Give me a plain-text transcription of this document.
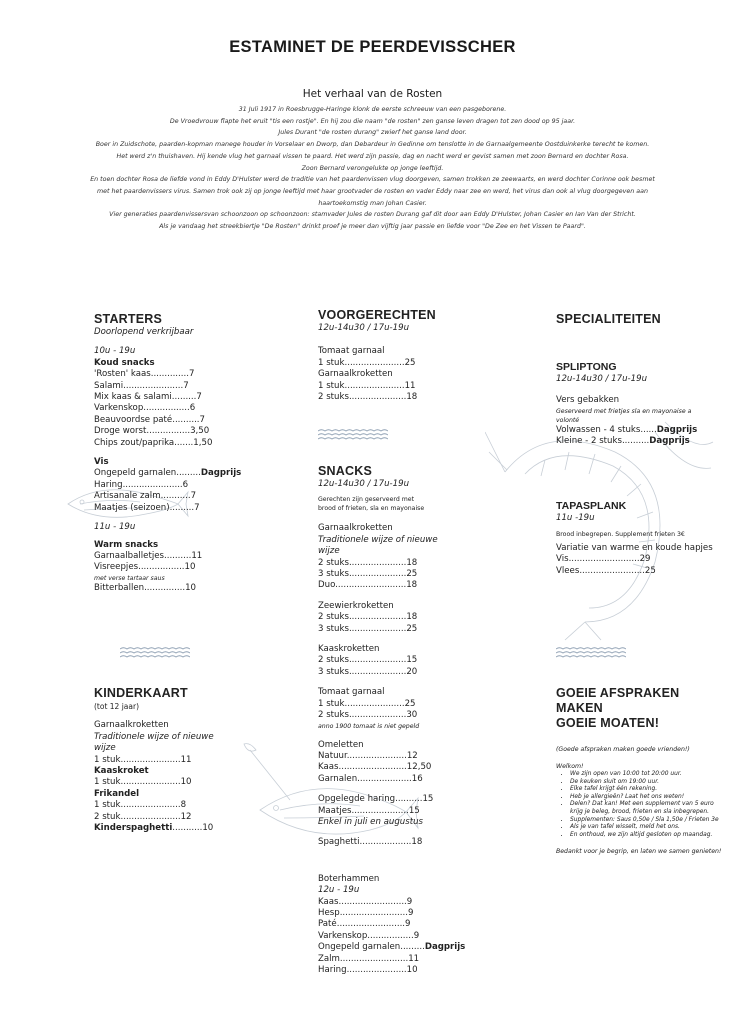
ESTAMINET DE PEERDEVISSCHER
Het verhaal van de Rosten
31 Juli 1917 in Roesbrugge-Haringe klonk de eerste schreeuw van een pasgeborene.
De Vroedvrouw flapte het eruit "tis een rostje". En hij zou die naam "de rosten" zen ganse leven dragen tot zen dood op 95 jaar.
Jules Durant "de rosten durang" zwierf het ganse land door.
Boer in Zuidschote, paarden-kopman manege houder in Vorselaar en Dworp, dan Debardeur in Gedinne om tenslotte in de Garnaalgemeente Oostduinkerke terecht te komen.
Het werd z'n thuishaven. Hij kende vlug het garnaal vissen te paard. Het werd zijn passie, dag en nacht werd er gevist samen met zoon Bernard en dochter Rosa.
Zoon Bernard verongelukte op jonge leeftijd.
En toen dochter Rosa de liefde vond in Eddy D'Hulster werd de traditie van het paardenvissen vlug doorgeven, samen trokken ze zeewaarts, en werd dochter Corinne ook besmet
met het paardenvissers virus. Samen trok ook zij op jonge leeftijd met haar grootvader de rosten en vader Eddy naar zee en werd, het virus dan ook al vlug doorgegeven aan
haartoekomstig man Johan Casier.
Vier generaties paardenvissersvan schoonzoon op schoonzoon: stamvader Jules de rosten Durang gaf dit door aan Eddy D'Hulster, Johan Casier en Ian Van der Stricht.
Als je vandaag het streekbiertje "De Rosten" drinkt proef je meer dan vijftig jaar passie en liefde voor "De Zee en het Vissen te Paard".
STARTERS
Doorlopend verkrijbaar
10u - 19u
Koud snacks
'Rosten' kaas..............7
Salami......................7
Mix kaas & salami.........7
Varkenskop.................6
Beauvoordse paté..........7
Droge worst................3,50
Chips zout/paprika.......1,50
Vis
Ongepeld garnalen.........Dagprijs
Haring......................6
Artisanale zalm...........7
Maatjes (seizoen).........7
11u - 19u
Warm snacks
Garnaalballetjes..........11
Visreepjes.................10
met verse tartaar saus
Bitterballen...............10
KINDERKAART
(tot 12 jaar)
Garnaalkroketten
Traditionele wijze of nieuwe wijze
1 stuk......................11
Kaaskroket
1 stuk......................10
Frikandel
1 stuk......................8
2 stuk......................12
Kinderspaghetti...........10
VOORGERECHTEN
12u-14u30 / 17u-19u
Tomaat garnaal
1 stuk......................25
Garnaalkroketten
1 stuk......................11
2 stuks.....................18
SNACKS
12u-14u30 / 17u-19u
Gerechten zijn geserveerd met
brood of frieten, sla en mayonaise
Garnaalkroketten
Traditionele wijze of nieuwe wijze
2 stuks.....................18
3 stuks.....................25
Duo..........................18
Zeewierkroketten
2 stuks.....................18
3 stuks.....................25
Kaaskroketten
2 stuks.....................15
3 stuks.....................20
Tomaat garnaal
1 stuk......................25
2 stuks.....................30
anno 1900 tomaat is niet gepeld
Omeletten
Natuur......................12
Kaas.........................12,50
Garnalen....................16
Opgelegde haring..........15
Maatjes.....................15
Enkel in juli en augustus
Spaghetti...................18
Boterhammen
12u - 19u
Kaas.........................9
Hesp.........................9
Paté.........................9
Varkenskop.................9
Ongepeld garnalen.........Dagprijs
Zalm.........................11
Haring......................10
SPECIALITEITEN
SPLIPTONG
12u-14u30 / 17u-19u
Vers gebakken
Geserveerd met frietjes sla en mayonaise a volonté
Volwassen - 4 stuks......Dagprijs
Kleine - 2 stuks..........Dagprijs
TAPASPLANK
11u -19u
Brood inbegrepen. Supplement frieten 3€
Variatie van warme en koude hapjes
Vis..........................29
Vlees........................25
GOEIE AFSPRAKEN
MAKEN
GOEIE MOATEN!
(Goede afspraken maken goede vrienden!)
Welkom!
• We zijn open van 10:00 tot 20:00 uur.
• De keuken sluit om 19:00 uur.
• Elke tafel krijgt één rekening.
• Heb je allergieën? Laat het ons weten!
• Delen? Dat kan! Met een supplement van 5 euro krijg je beleg, brood, frieten en sla inbegrepen.
• Supplementen: Saus 0,50e / Sla 1,50e / Frieten 3e
• Als je van tafel wisselt, meld het ons.
• En onthoud, we zijn altijd gesloten op maandag.
Bedankt voor je begrip, en laten we samen genieten!
